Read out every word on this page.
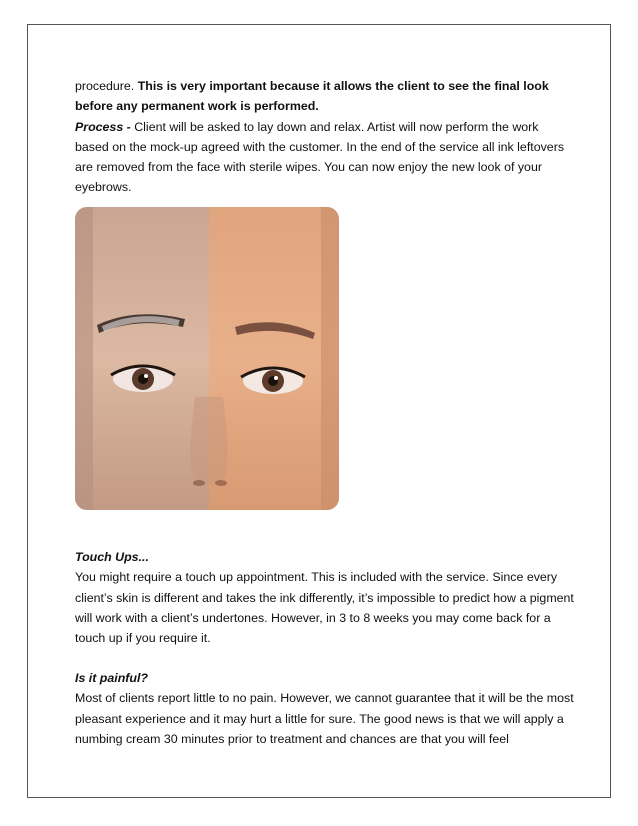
procedure. This is very important because it allows the client to see the final look before any permanent work is performed.

Process - Client will be asked to lay down and relax. Artist will now perform the work based on the mock-up agreed with the customer. In the end of the service all ink leftovers are removed from the face with sterile wipes. You can now enjoy the new look of your eyebrows.

Touch Ups...

You might require a touch up appointment. This is included with the service. Since every client’s skin is different and takes the ink differently, it’s impossible to predict how a pigment will work with a client’s undertones. However, in 3 to 8 weeks you may come back for a touch up if you require it.

Is it painful?

Most of clients report little to no pain. However, we cannot guarantee that it will be the most pleasant experience and it may hurt a little for sure. The good news is that we will apply a numbing cream 30 minutes prior to treatment and chances are that you will feel
